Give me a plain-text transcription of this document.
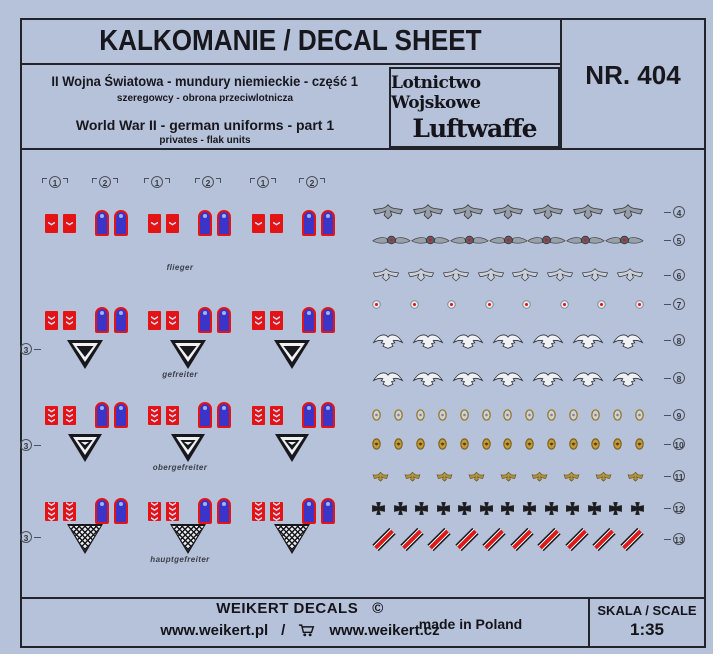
KALKOMANIE / DECAL SHEET
NR. 404
II Wojna Światowa - mundury niemieckie - część 1
szeregowcy - obrona przeciwlotnicza
World War II - german uniforms - part 1
privates - flak units
Lotnictwo Wojskowe
Luftwaffe
1	2	1	2	1	2
flieger
gefreiter
3
obergefreiter
3
hauptgefreiter
3
4
5
6
7
8
8
9
10
11
12
13
WEIKERT DECALS ©
www.weikert.pl /	www.weikert.cz
made in Poland
SKALA / SCALE
1:35
